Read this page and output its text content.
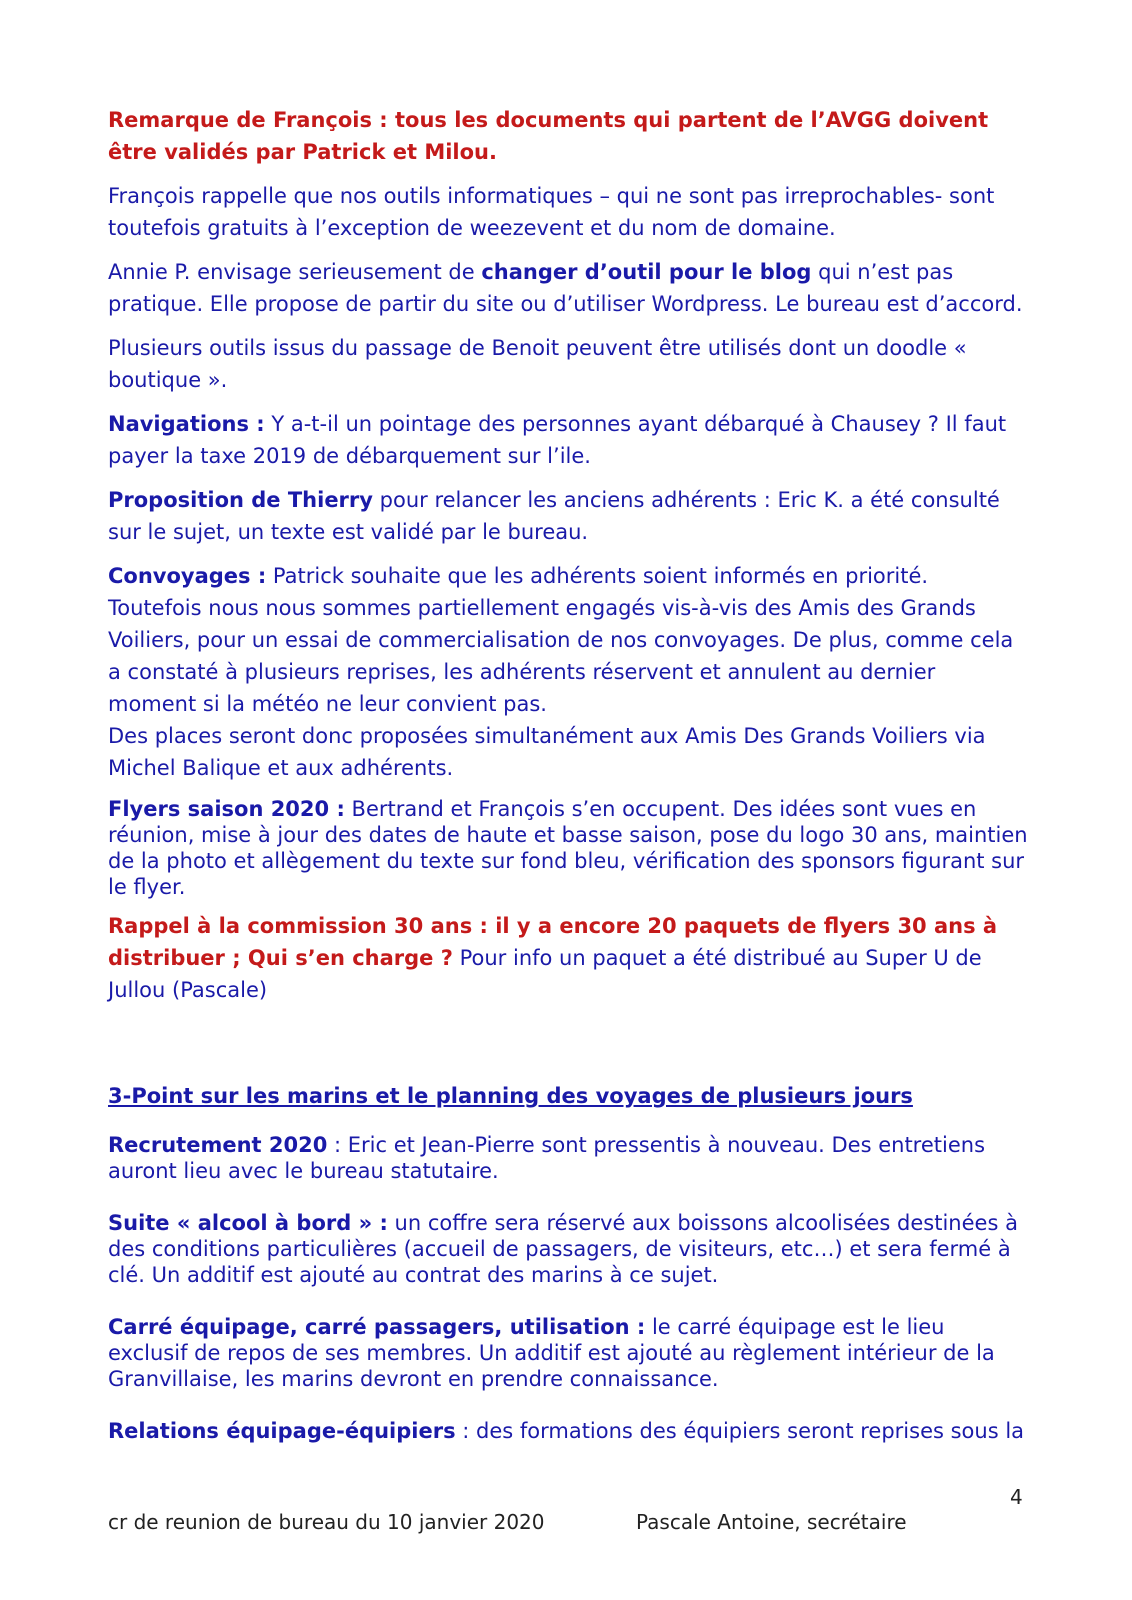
Remarque de François : tous les documents qui partent de l’AVGG doivent être validés par Patrick et Milou.

François rappelle que nos outils informatiques – qui ne sont pas irreprochables- sont toutefois gratuits à l’exception de weezevent et du nom de domaine.

Annie P. envisage serieusement de changer d’outil pour le blog qui n’est pas pratique. Elle propose de partir du site ou d’utiliser Wordpress. Le bureau est d’accord.

Plusieurs outils issus du passage de Benoit peuvent être utilisés dont un doodle « boutique ».

Navigations : Y a-t-il un pointage des personnes ayant débarqué à Chausey ? Il faut payer la taxe 2019 de débarquement sur l’ile.

Proposition de Thierry pour relancer les anciens adhérents : Eric K. a été consulté sur le sujet, un texte est validé par le bureau.

Convoyages : Patrick souhaite que les adhérents soient informés en priorité. Toutefois nous nous sommes partiellement engagés vis-à-vis des Amis des Grands Voiliers, pour un essai de commercialisation de nos convoyages. De plus, comme cela a constaté à plusieurs reprises, les adhérents réservent et annulent au dernier moment si la météo ne leur convient pas.

Des places seront donc proposées simultanément aux Amis Des Grands Voiliers via Michel Balique et aux adhérents.

Flyers saison 2020 : Bertrand et François s’en occupent. Des idées sont vues en réunion, mise à jour des dates de haute et basse saison, pose du logo 30 ans, maintien de la photo et allègement du texte sur fond bleu, vérification des sponsors figurant sur le flyer.

Rappel à la commission 30 ans : il y a encore 20 paquets de flyers 30 ans à distribuer ; Qui s’en charge ? Pour info un paquet a été distribué au Super U de Jullou (Pascale)

3-Point sur les marins et le planning des voyages de plusieurs jours

Recrutement 2020 : Eric et Jean-Pierre sont pressentis à nouveau. Des entretiens auront lieu avec le bureau statutaire.

Suite « alcool à bord » : un coffre sera réservé aux boissons alcoolisées destinées à des conditions particulières (accueil de passagers, de visiteurs, etc…) et sera fermé à clé. Un additif est ajouté au contrat des marins à ce sujet.

Carré équipage, carré passagers, utilisation : le carré équipage est le lieu exclusif de repos de ses membres. Un additif est ajouté au règlement intérieur de la Granvillaise, les marins devront en prendre connaissance.

Relations équipage-équipiers : des formations des équipiers seront reprises sous la

4
cr de reunion de bureau du 10 janvier 2020	Pascale Antoine, secrétaire
